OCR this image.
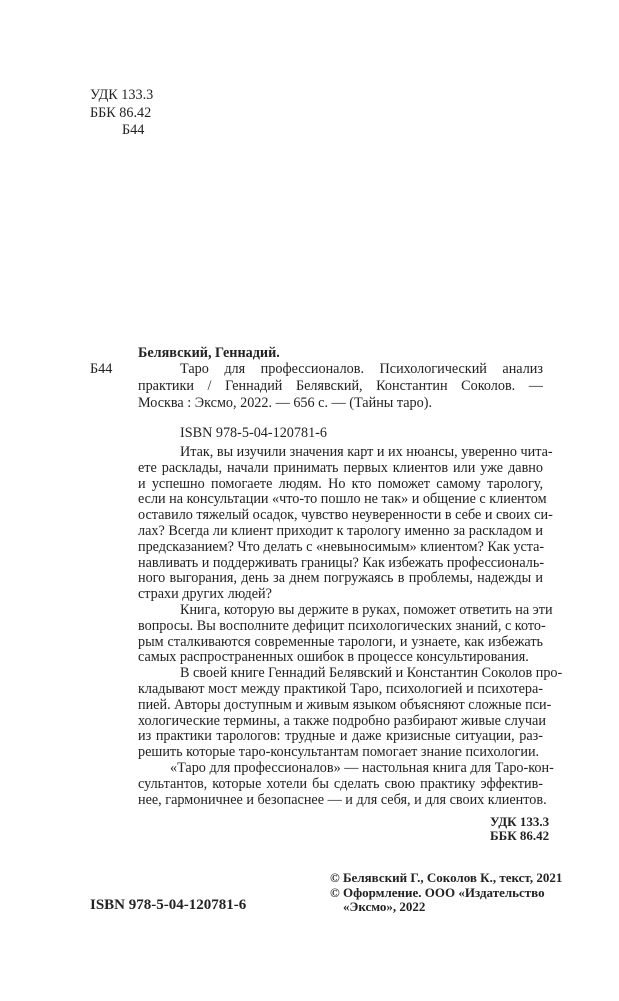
УДК 133.3
ББК 86.42
Б44
Белявский, Геннадий.
Б44	Таро для профессионалов. Психологический анализ
практики / Геннадий Белявский, Константин Соколов. —
Москва : Эксмо, 2022. — 656 с. — (Тайны таро).
ISBN 978-5-04-120781-6
Итак, вы изучили значения карт и их нюансы, уверенно чита-
ете расклады, начали принимать первых клиентов или уже давно
и успешно помогаете людям. Но кто поможет самому тарологу,
если на консультации «что-то пошло не так» и общение с клиентом
оставило тяжелый осадок, чувство неуверенности в себе и своих си-
лах? Всегда ли клиент приходит к тарологу именно за раскладом и
предсказанием? Что делать с «невыносимым» клиентом? Как уста-
навливать и поддерживать границы? Как избежать профессиональ-
ного выгорания, день за днем погружаясь в проблемы, надежды и
страхи других людей?
Книга, которую вы держите в руках, поможет ответить на эти
вопросы. Вы восполните дефицит психологических знаний, с кото-
рым сталкиваются современные тарологи, и узнаете, как избежать
самых распространенных ошибок в процессе консультирования.
В своей книге Геннадий Белявский и Константин Соколов про-
кладывают мост между практикой Таро, психологией и психотера-
пией. Авторы доступным и живым языком объясняют сложные пси-
хологические термины, а также подробно разбирают живые случаи
из практики тарологов: трудные и даже кризисные ситуации, раз-
решить которые таро-консультантам помогает знание психологии.
«Таро для профессионалов» — настольная книга для Таро-кон-
сультантов, которые хотели бы сделать свою практику эффектив-
нее, гармоничнее и безопаснее — и для себя, и для своих клиентов.
УДК 133.3
ББК 86.42
© Белявский Г., Соколов К., текст, 2021
© Оформление. ООО «Издательство
«Эксмо», 2022
ISBN 978-5-04-120781-6
